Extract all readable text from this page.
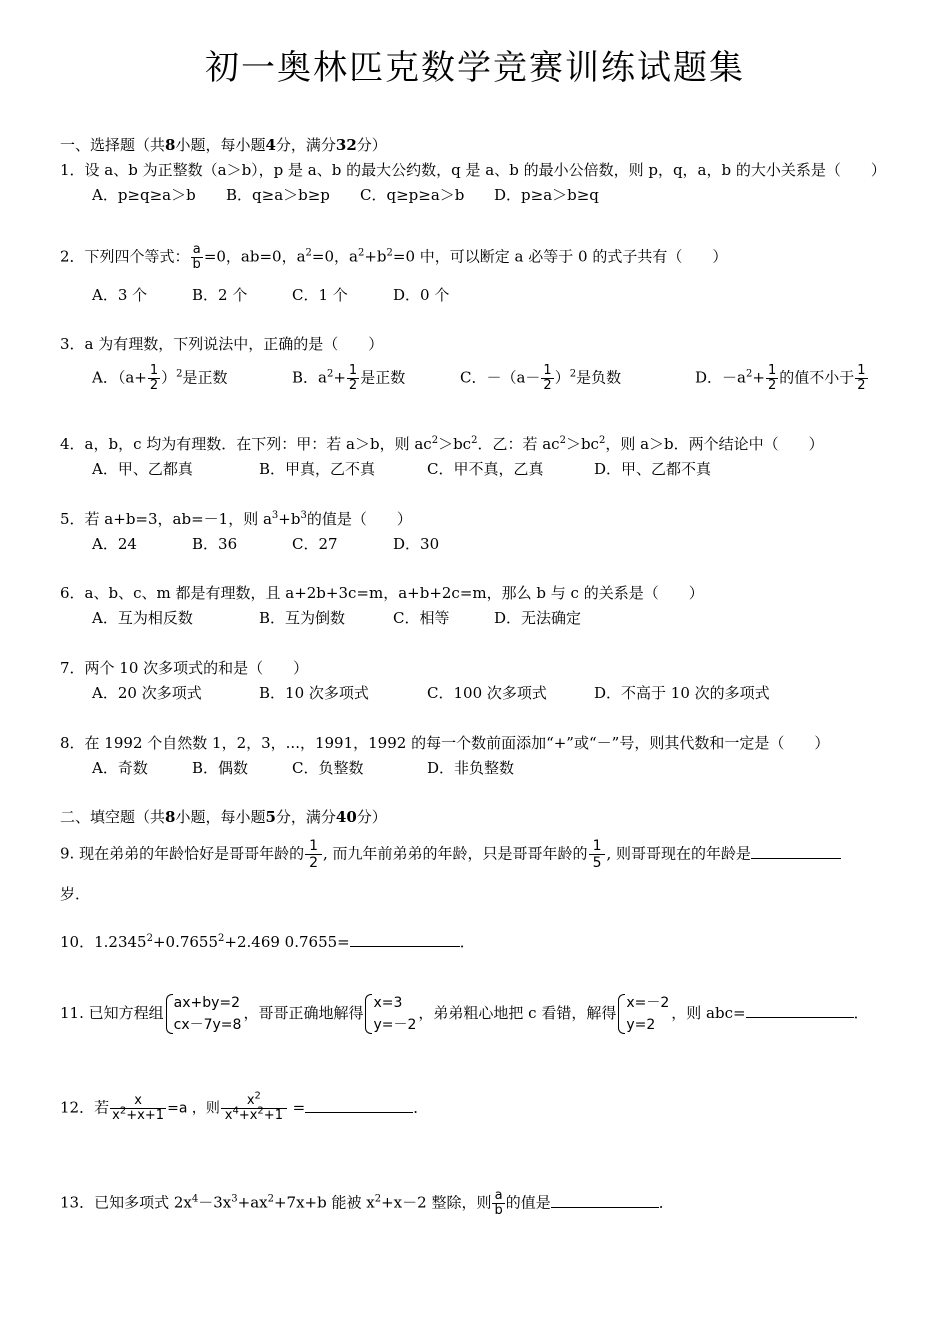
初一奥林匹克数学竞赛训练试题集
一、选择题（共8小题，每小题4分，满分32分）
1．设 a、b 为正整数（a＞b），p 是 a、b 的最大公约数，q 是 a、b 的最小公倍数，则 p，q，a，b 的大小关系是（　　）
A．p≥q≥a＞b B．q≥a＞b≥p C．q≥p≥a＞b D．p≥a＞b≥q
2．下列四个等式： $\frac{a}{b} =0$，ab=0，$a^2=0$，$a^2+b^2=0$ 中，可以断定 a 必等于 0 的式子共有（　　）
A．3 个	B．2 个	C．1 个	D．0 个
3．a 为有理数，下列说法中，正确的是（　　）
A．$(a+ \frac{1}{2} )^2$是正数	B．$a^2+ \frac{1}{2}$ 是正数	C．$-(a- \frac{1}{2} )^2$是负数	D．$-a^2+ \frac{1}{2}$ 的值不小于 $\frac{1}{2}$
4．a，b，c 均为有理数．在下列：甲：若 a＞b，则 $ac^2>bc^2$．乙：若 $ac^2>bc^2$，则 a＞b．两个结论中（　　）
A．甲、乙都真	B．甲真，乙不真	C．甲不真，乙真	D．甲、乙都不真
5．若 a+b=3，ab=－1，则 $a^3+b^3$的值是（　　）
A．24	B．36	C．27	D．30
6．a、b、c、m 都是有理数，且 a+2b+3c=m，a+b+2c=m，那么 b 与 c 的关系是（　　）
A．互为相反数	B．互为倒数	C．相等	D．无法确定
7．两个 10 次多项式的和是（　　）
A．20 次多项式	B．10 次多项式	C．100 次多项式	D．不高于 10 次的多项式
8．在 1992 个自然数 1，2，3，...，1991，1992 的每一个数前面添加“+”或“－”号，则其代数和一定是（　　）
A．奇数	B．偶数	C．负整数	D．非负整数
二、填空题（共8小题，每小题5分，满分40分）
9. 现在弟弟的年龄恰好是哥哥年龄的 $\frac{1}{2}$ , 而九年前弟弟的年龄，只是哥哥年龄的 $\frac{1}{5}$ , 则哥哥现在的年龄是
岁．
10．$1.2345^2+0.7655^2+2.469$ 0.7655=	．
11. 已知方程组
ax+by=2
cx－7y=8
，哥哥正确地解得
x=3
y=－2
，弟弟粗心地把 c 看错，解得
x=－2
y=2
，则 abc=	．
12．若 $\frac{x}{x^2+x+1} =a$ ，则 $\frac{x^2}{x^4+x^2+1}$ =	．
13．已知多项式 $2x^4-3x^3+ax^2+7x+b$ 能被 $x^2+x-2$ 整除，则 $\frac{a}{b}$ 的值是	．
